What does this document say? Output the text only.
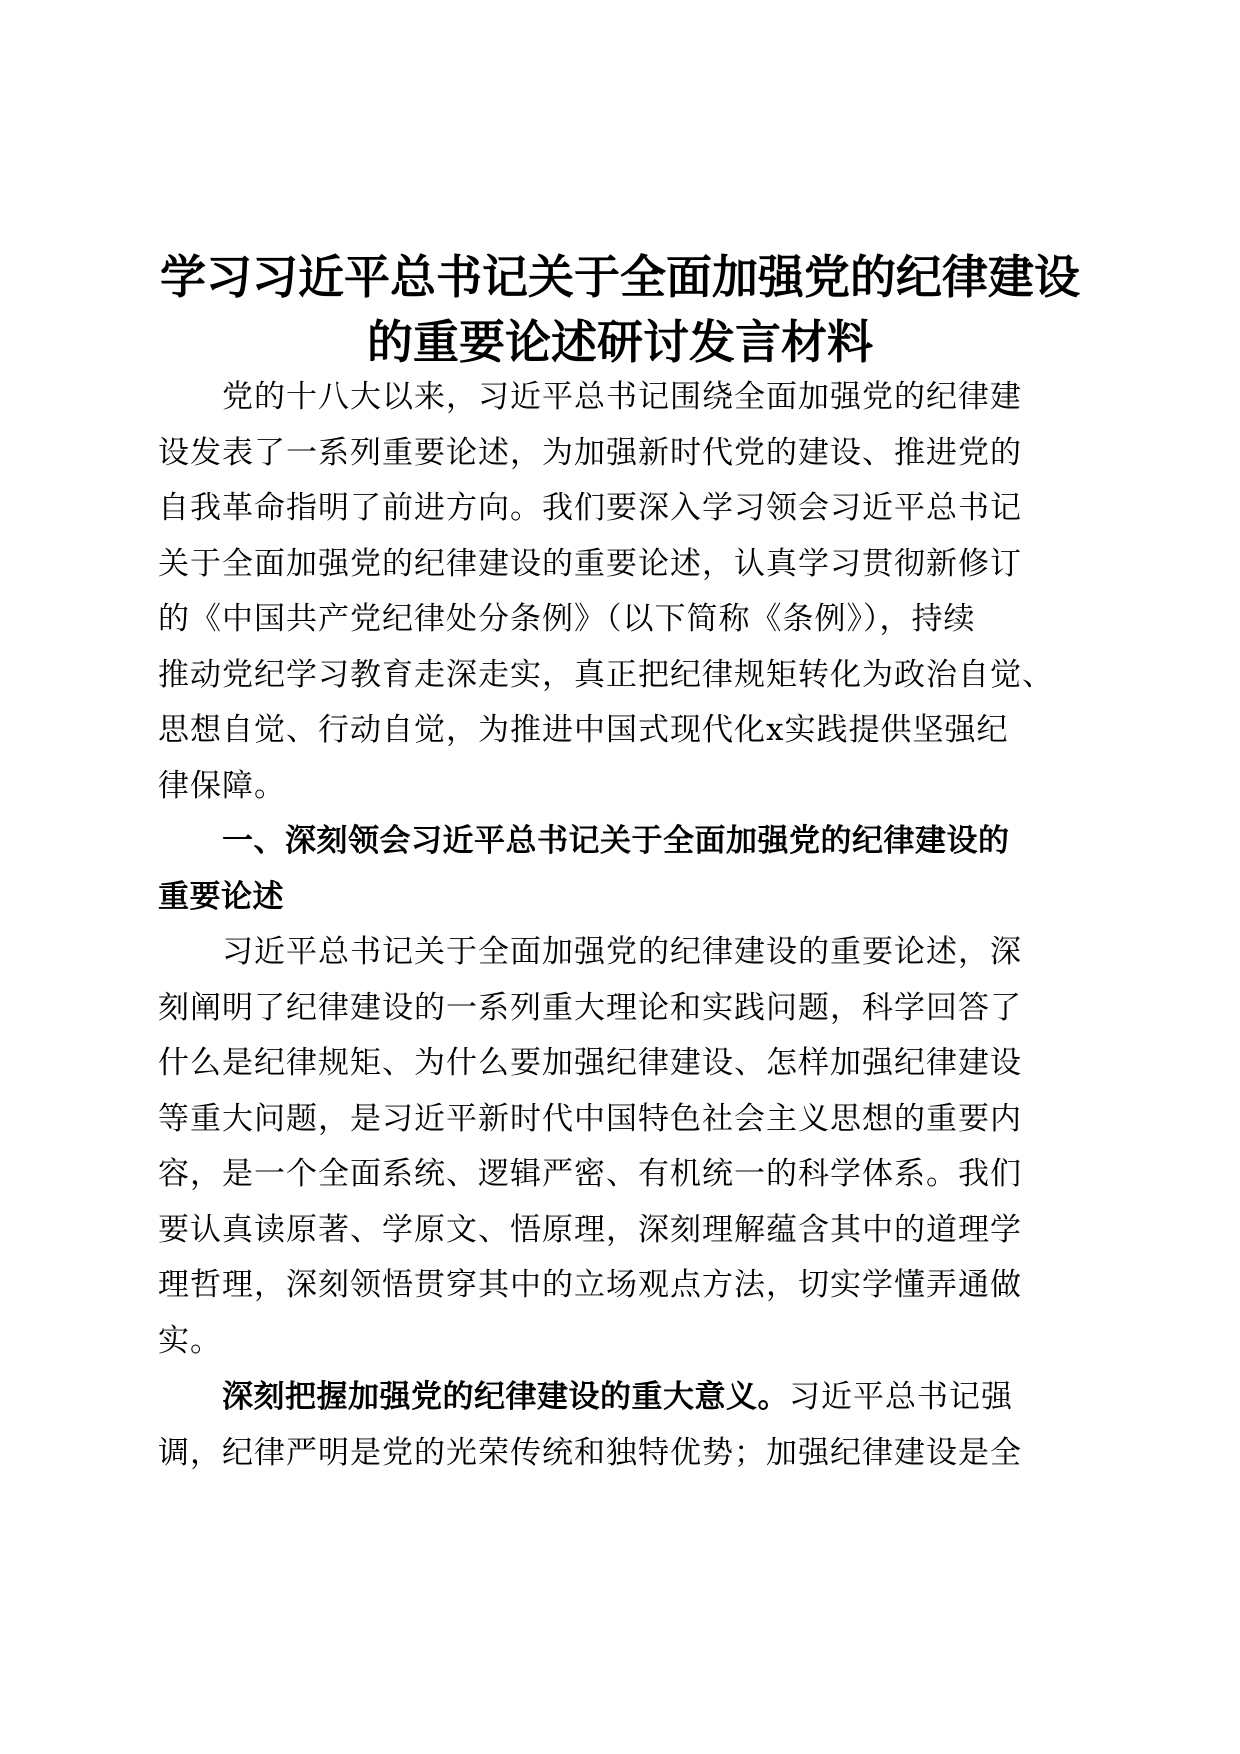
学习习近平总书记关于全面加强党的纪律建设
的重要论述研讨发言材料
党的十八大以来，习近平总书记围绕全面加强党的纪律建
设发表了一系列重要论述，为加强新时代党的建设、推进党的
自我革命指明了前进方向。我们要深入学习领会习近平总书记
关于全面加强党的纪律建设的重要论述，认真学习贯彻新修订
的《中国共产党纪律处分条例》（以下简称《条例》），持续
推动党纪学习教育走深走实，真正把纪律规矩转化为政治自觉、
思想自觉、行动自觉，为推进中国式现代化x实践提供坚强纪
律保障。
一、深刻领会习近平总书记关于全面加强党的纪律建设的
重要论述
习近平总书记关于全面加强党的纪律建设的重要论述，深
刻阐明了纪律建设的一系列重大理论和实践问题，科学回答了
什么是纪律规矩、为什么要加强纪律建设、怎样加强纪律建设
等重大问题，是习近平新时代中国特色社会主义思想的重要内
容，是一个全面系统、逻辑严密、有机统一的科学体系。我们
要认真读原著、学原文、悟原理，深刻理解蕴含其中的道理学
理哲理，深刻领悟贯穿其中的立场观点方法，切实学懂弄通做
实。
深刻把握加强党的纪律建设的重大意义。习近平总书记强
调，纪律严明是党的光荣传统和独特优势；加强纪律建设是全
